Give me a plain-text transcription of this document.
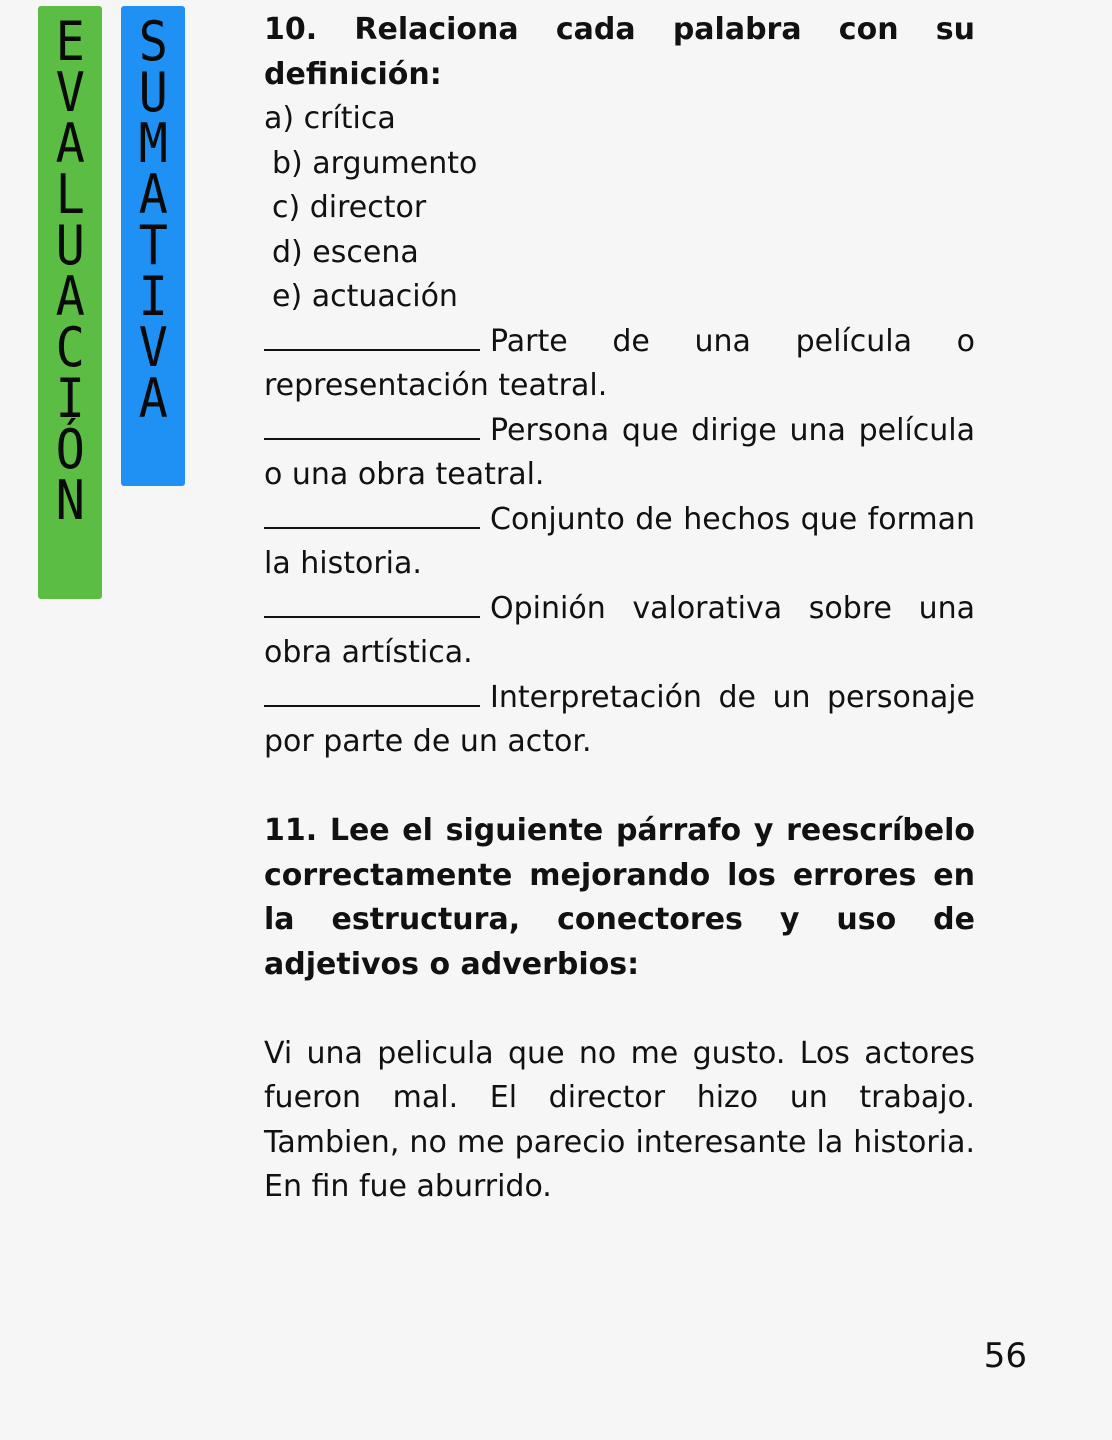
E
V
A
L
U
A
C
I
Ó
N
S
U
M
A
T
I
V
A

10. Relaciona cada palabra con su definición:

a) crítica
b) argumento
c) director
d) escena
e) actuación

Parte de una película o representación teatral.

Persona que dirige una película o una obra teatral.

Conjunto de hechos que forman la historia.

Opinión valorativa sobre una obra artística.

Interpretación de un personaje por parte de un actor.

11. Lee el siguiente párrafo y reescríbelo correctamente mejorando los errores en la estructura, conectores y uso de adjetivos o adverbios:

Vi una pelicula que no me gusto. Los actores fueron mal. El director hizo un trabajo. Tambien, no me parecio interesante la historia. En fin fue aburrido.

56
